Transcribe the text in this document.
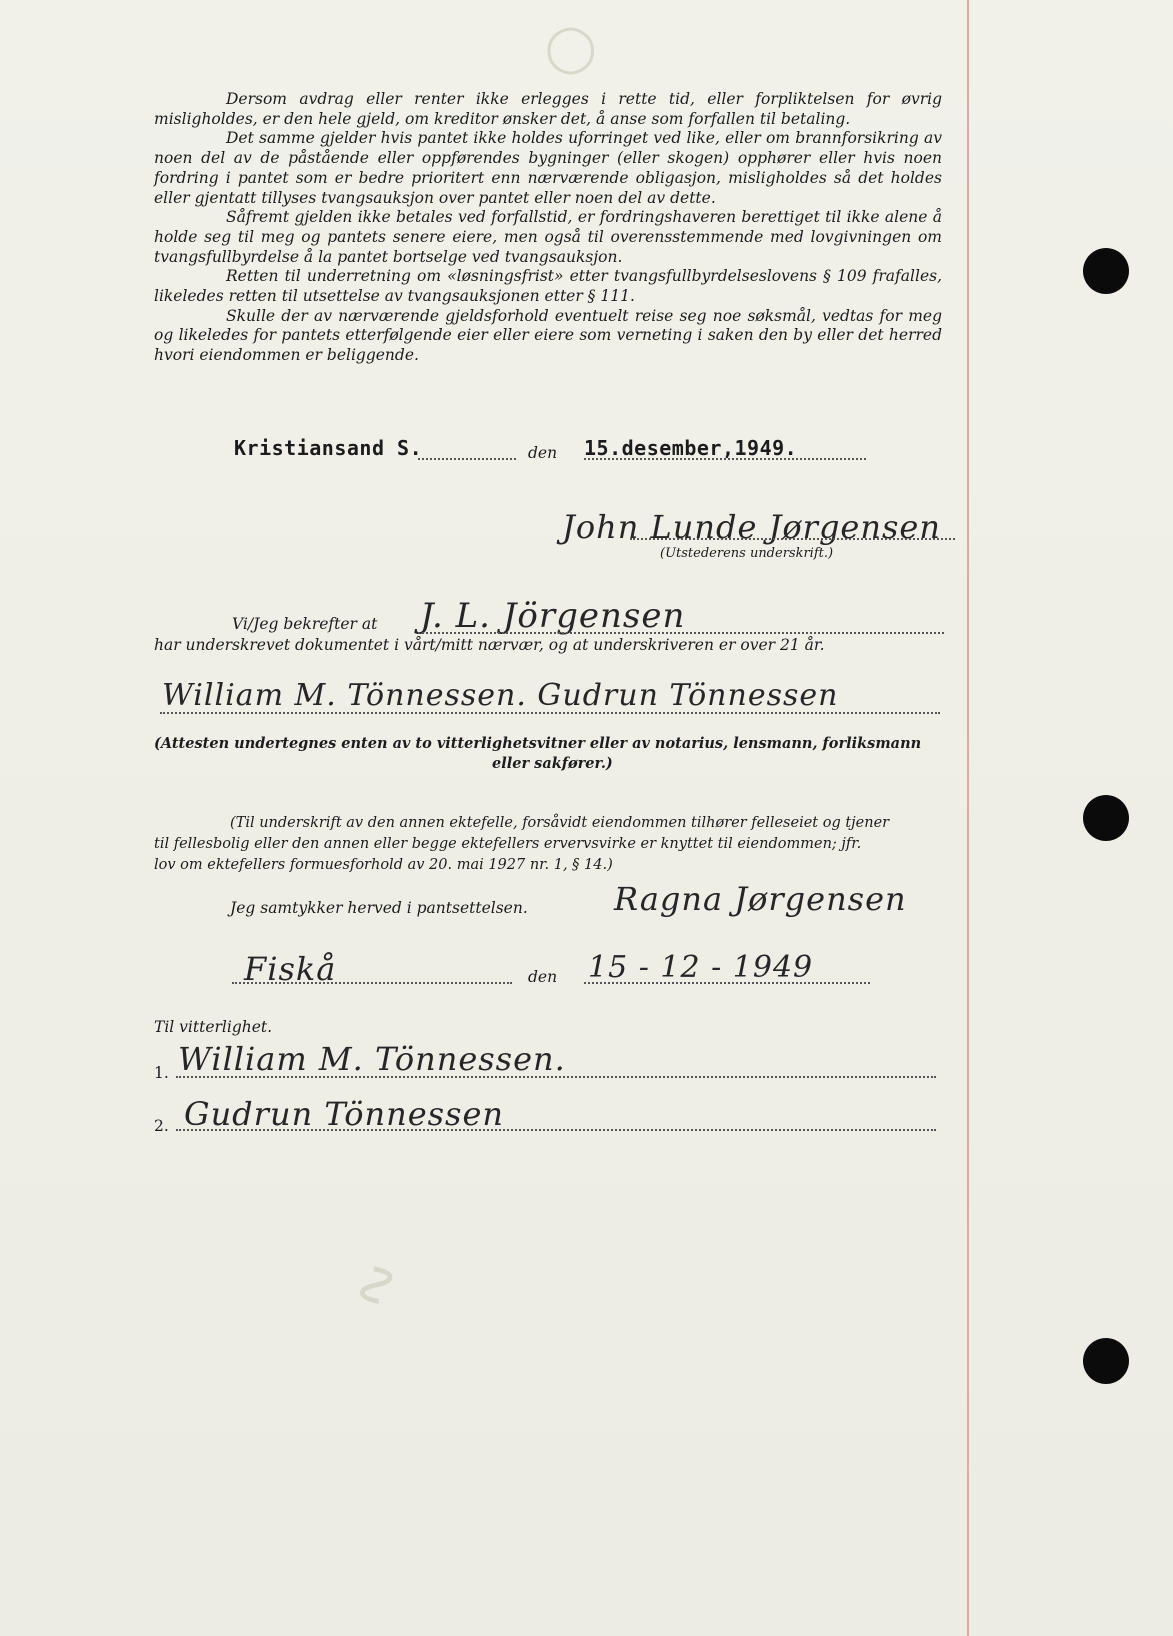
◯
∿

Dersom avdrag eller renter ikke erlegges i rette tid, eller forpliktelsen for øvrig misligholdes, er den hele gjeld, om kreditor ønsker det, å anse som forfallen til betaling.

Det samme gjelder hvis pantet ikke holdes uforringet ved like, eller om brannforsikring av noen del av de påstående eller oppførendes bygninger (eller skogen) opphører eller hvis noen fordring i pantet som er bedre prioritert enn nærværende obligasjon, misligholdes så det holdes eller gjentatt tillyses tvangsauksjon over pantet eller noen del av dette.

Såfremt gjelden ikke betales ved forfallstid, er fordringshaveren berettiget til ikke alene å holde seg til meg og pantets senere eiere, men også til overensstemmende med lovgivningen om tvangsfullbyrdelse å la pantet bortselge ved tvangsauksjon.

Retten til underretning om «løsningsfrist» etter tvangsfullbyrdelseslovens § 109 frafalles, likeledes retten til utsettelse av tvangsauksjonen etter § 111.

Skulle der av nærværende gjeldsforhold eventuelt reise seg noe søksmål, vedtas for meg og likeledes for pantets etterfølgende eier eller eiere som verneting i saken den by eller det herred hvori eiendommen er beliggende.

Kristiansand S.	den 15.desember,1949.
John Lunde Jørgensen
(Utstederens underskrift.)
Vi/Jeg bekrefter at J. L. Jörgensen
har underskrevet dokumentet i vårt/mitt nærvær, og at underskriveren er over 21 år.
William M. Tönnessen. Gudrun Tönnessen
(Attesten undertegnes enten av to vitterlighetsvitner eller av notarius, lensmann, forliksmann
eller sakfører.)
(Til underskrift av den annen ektefelle, forsåvidt eiendommen tilhører felleseiet og tjener
til fellesbolig eller den annen eller begge ektefellers ervervsvirke er knyttet til eiendommen; jfr.
lov om ektefellers formuesforhold av 20. mai 1927 nr. 1, § 14.)
Jeg samtykker herved i pantsettelsen.	Ragna Jørgensen
Fiskå	den 15 - 12 - 1949
Til vitterlighet.
1. William M. Tönnessen.
2. Gudrun Tönnessen
